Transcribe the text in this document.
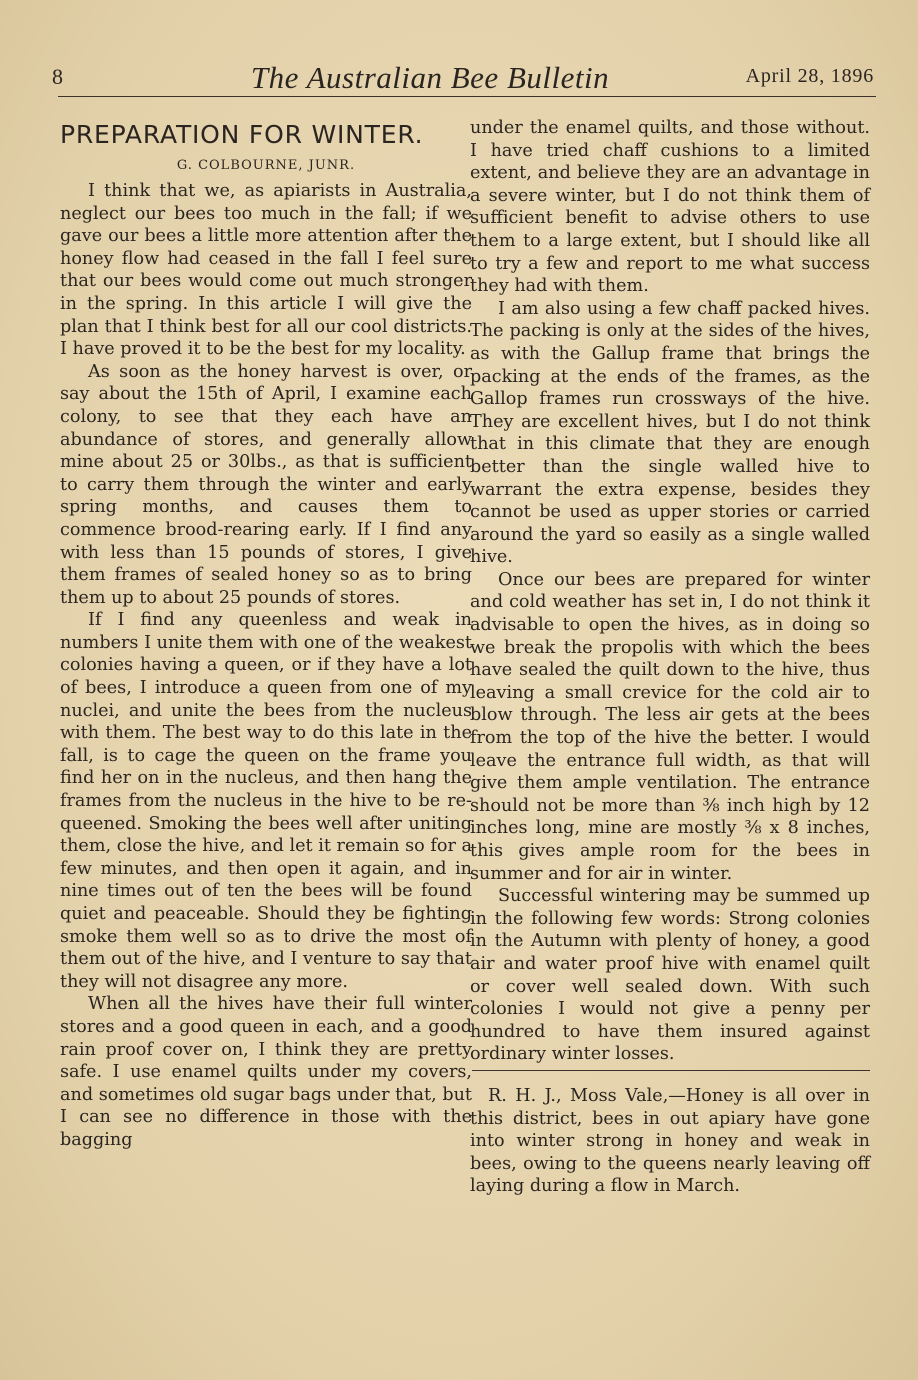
8	The Australian Bee Bulletin	April 28, 1896
PREPARATION FOR WINTER.
G. COLBOURNE, JUNR.

I think that we, as apiarists in Australia, neglect our bees too much in the fall; if we gave our bees a little more attention after the honey flow had ceased in the fall I feel sure that our bees would come out much stronger in the spring. In this article I will give the plan that I think best for all our cool districts. I have proved it to be the best for my locality.

As soon as the honey harvest is over, or say about the 15th of April, I examine each colony, to see that they each have an abundance of stores, and generally allow mine about 25 or 30lbs., as that is sufficient to carry them through the winter and early spring months, and causes them to commence brood-rearing early. If I find any with less than 15 pounds of stores, I give them frames of sealed honey so as to bring them up to about 25 pounds of stores.

If I find any queenless and weak in numbers I unite them with one of the weakest colonies having a queen, or if they have a lot of bees, I introduce a queen from one of my nuclei, and unite the bees from the nucleus with them. The best way to do this late in the fall, is to cage the queen on the frame you find her on in the nucleus, and then hang the frames from the nucleus in the hive to be re-queened. Smoking the bees well after uniting them, close the hive, and let it remain so for a few minutes, and then open it again, and in nine times out of ten the bees will be found quiet and peaceable. Should they be fighting smoke them well so as to drive the most of them out of the hive, and I venture to say that they will not disagree any more.

When all the hives have their full winter stores and a good queen in each, and a good rain proof cover on, I think they are pretty safe. I use enamel quilts under my covers, and sometimes old sugar bags under that, but I can see no difference in those with the bagging

under the enamel quilts, and those without. I have tried chaff cushions to a limited extent, and believe they are an advantage in a severe winter, but I do not think them of sufficient benefit to advise others to use them to a large extent, but I should like all to try a few and report to me what success they had with them.

I am also using a few chaff packed hives. The packing is only at the sides of the hives, as with the Gallup frame that brings the packing at the ends of the frames, as the Gallop frames run crossways of the hive. They are excellent hives, but I do not think that in this climate that they are enough better than the single walled hive to warrant the extra expense, besides they cannot be used as upper stories or carried around the yard so easily as a single walled hive.

Once our bees are prepared for winter and cold weather has set in, I do not think it advisable to open the hives, as in doing so we break the propolis with which the bees have sealed the quilt down to the hive, thus leaving a small crevice for the cold air to blow through. The less air gets at the bees from the top of the hive the better. I would leave the entrance full width, as that will give them ample ventilation. The entrance should not be more than ⅜ inch high by 12 inches long, mine are mostly ⅜ x 8 inches, this gives ample room for the bees in summer and for air in winter.

Successful wintering may be summed up in the following few words: Strong colonies in the Autumn with plenty of honey, a good air and water proof hive with enamel quilt or cover well sealed down. With such colonies I would not give a penny per hundred to have them insured against ordinary winter losses.

R. H. J., Moss Vale,—Honey is all over in this district, bees in out apiary have gone into winter strong in honey and weak in bees, owing to the queens nearly leaving off laying during a flow in March.
